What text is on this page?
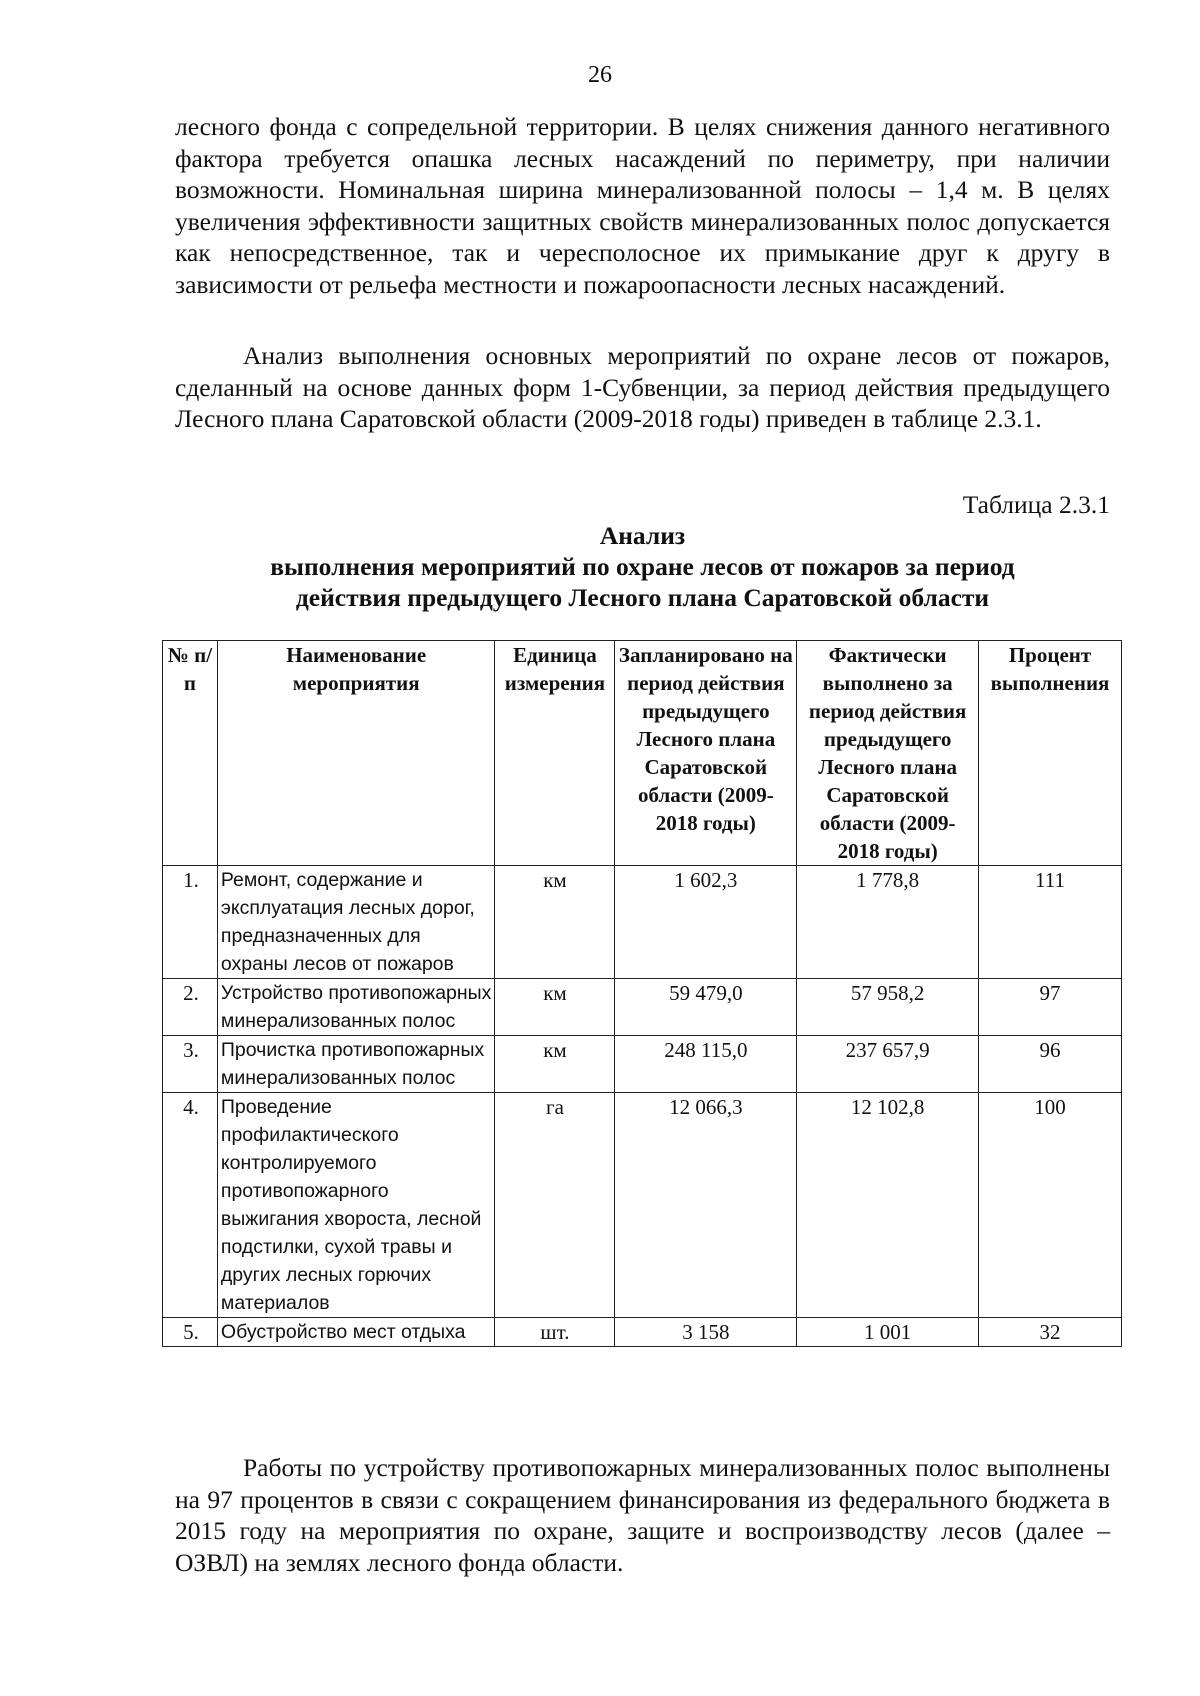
26
лесного фонда с сопредельной территории. В целях снижения данного негативного фактора требуется опашка лесных насаждений по периметру, при наличии возможности. Номинальная ширина минерализованной полосы – 1,4 м. В целях увеличения эффективности защитных свойств минерализованных полос допускается как непосредственное, так и чересполосное их примыкание друг к другу в зависимости от рельефа местности и пожароопасности лесных насаждений.
Анализ выполнения основных мероприятий по охране лесов от пожаров, сделанный на основе данных форм 1-Субвенции, за период действия предыдущего Лесного плана Саратовской области (2009-2018 годы) приведен в таблице 2.3.1.
Таблица 2.3.1
Анализ
выполнения мероприятий по охране лесов от пожаров за период
действия предыдущего Лесного плана Саратовской области
№ п/п	Наименование мероприятия	Единица измерения	Запланировано на период действия предыдущего Лесного плана Саратовской области (2009-2018 годы)	Фактически выполнено за период действия предыдущего Лесного плана Саратовской области (2009-2018 годы)	Процент выполнения
1.	Ремонт, содержание и эксплуатация лесных дорог, предназначенных для охраны лесов от пожаров	км	1 602,3	1 778,8	111
2.	Устройство противопожарных минерализованных полос	км	59 479,0	57 958,2	97
3.	Прочистка противопожарных минерализованных полос	км	248 115,0	237 657,9	96
4.	Проведение профилактического контролируемого противопожарного выжигания хвороста, лесной подстилки, сухой травы и других лесных горючих материалов	га	12 066,3	12 102,8	100
5.	Обустройство мест отдыха	шт.	3 158	1 001	32
Работы по устройству противопожарных минерализованных полос выполнены на 97 процентов в связи с сокращением финансирования из федерального бюджета в 2015 году на мероприятия по охране, защите и воспроизводству лесов (далее – ОЗВЛ) на землях лесного фонда области.
